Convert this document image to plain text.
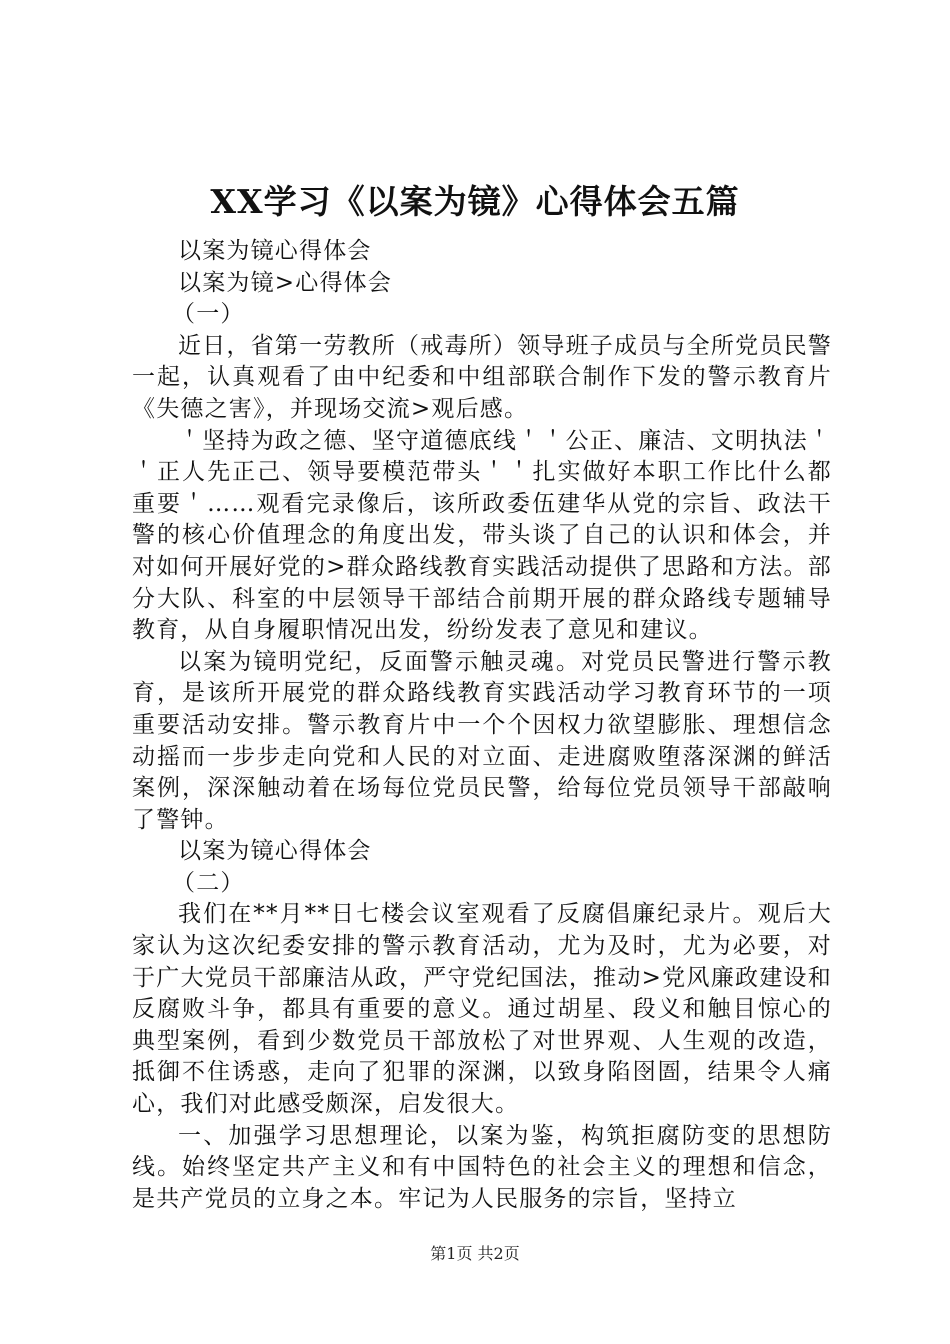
XX学习《以案为镜》心得体会五篇

以案为镜心得体会

以案为镜>心得体会

（一）

近日，省第一劳教所（戒毒所）领导班子成员与全所党员民警一起，认真观看了由中纪委和中组部联合制作下发的警示教育片《失德之害》，并现场交流>观后感。

＇坚持为政之德、坚守道德底线＇＇公正、廉洁、文明执法＇＇正人先正己、领导要模范带头＇＇扎实做好本职工作比什么都重要＇……观看完录像后，该所政委伍建华从党的宗旨、政法干警的核心价值理念的角度出发，带头谈了自己的认识和体会，并对如何开展好党的>群众路线教育实践活动提供了思路和方法。部分大队、科室的中层领导干部结合前期开展的群众路线专题辅导教育，从自身履职情况出发，纷纷发表了意见和建议。

以案为镜明党纪，反面警示触灵魂。对党员民警进行警示教育，是该所开展党的群众路线教育实践活动学习教育环节的一项重要活动安排。警示教育片中一个个因权力欲望膨胀、理想信念动摇而一步步走向党和人民的对立面、走进腐败堕落深渊的鲜活案例，深深触动着在场每位党员民警，给每位党员领导干部敲响了警钟。

以案为镜心得体会

（二）

我们在**月**日七楼会议室观看了反腐倡廉纪录片。观后大家认为这次纪委安排的警示教育活动，尤为及时，尤为必要，对于广大党员干部廉洁从政，严守党纪国法，推动>党风廉政建设和反腐败斗争，都具有重要的意义。通过胡星、段义和触目惊心的典型案例，看到少数党员干部放松了对世界观、人生观的改造，抵御不住诱惑，走向了犯罪的深渊，以致身陷囹圄，结果令人痛心，我们对此感受颇深，启发很大。

一、加强学习思想理论，以案为鉴，构筑拒腐防变的思想防线。始终坚定共产主义和有中国特色的社会主义的理想和信念，是共产党员的立身之本。牢记为人民服务的宗旨，坚持立

第1页 共2页
